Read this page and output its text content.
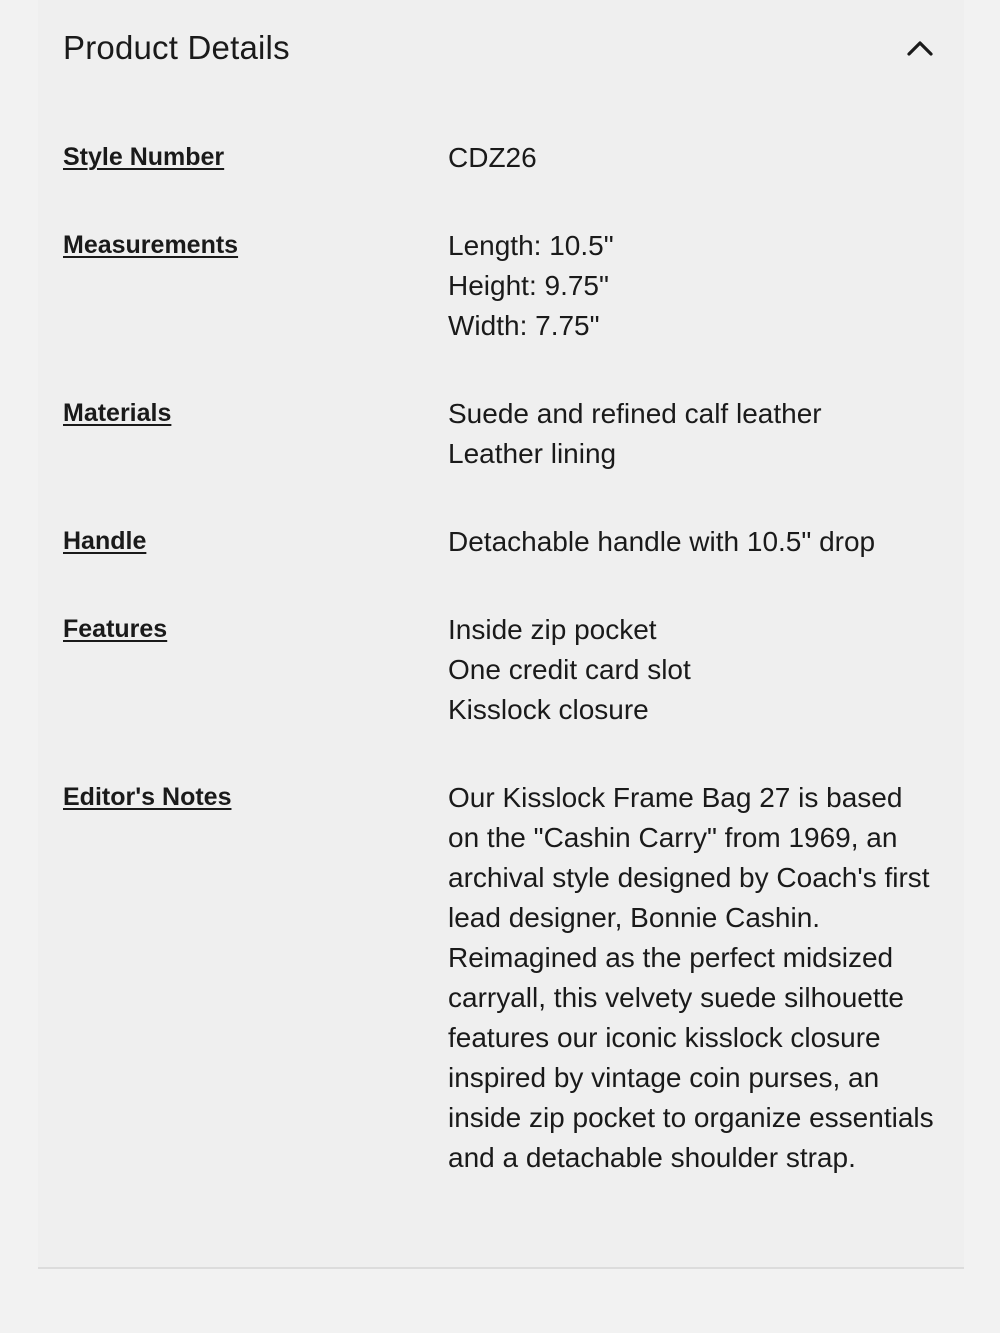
Product Details
Style Number	CDZ26
Measurements	Length: 10.5"
Height: 9.75"
Width: 7.75"
Materials	Suede and refined calf leather
Leather lining
Handle	Detachable handle with 10.5" drop
Features	Inside zip pocket
One credit card slot
Kisslock closure
Editor's Notes	Our Kisslock Frame Bag 27 is based on the "Cashin Carry" from 1969, an archival style designed by Coach's first lead designer, Bonnie Cashin. Reimagined as the perfect midsized carryall, this velvety suede silhouette features our iconic kisslock closure inspired by vintage coin purses, an inside zip pocket to organize essentials and a detachable shoulder strap.
